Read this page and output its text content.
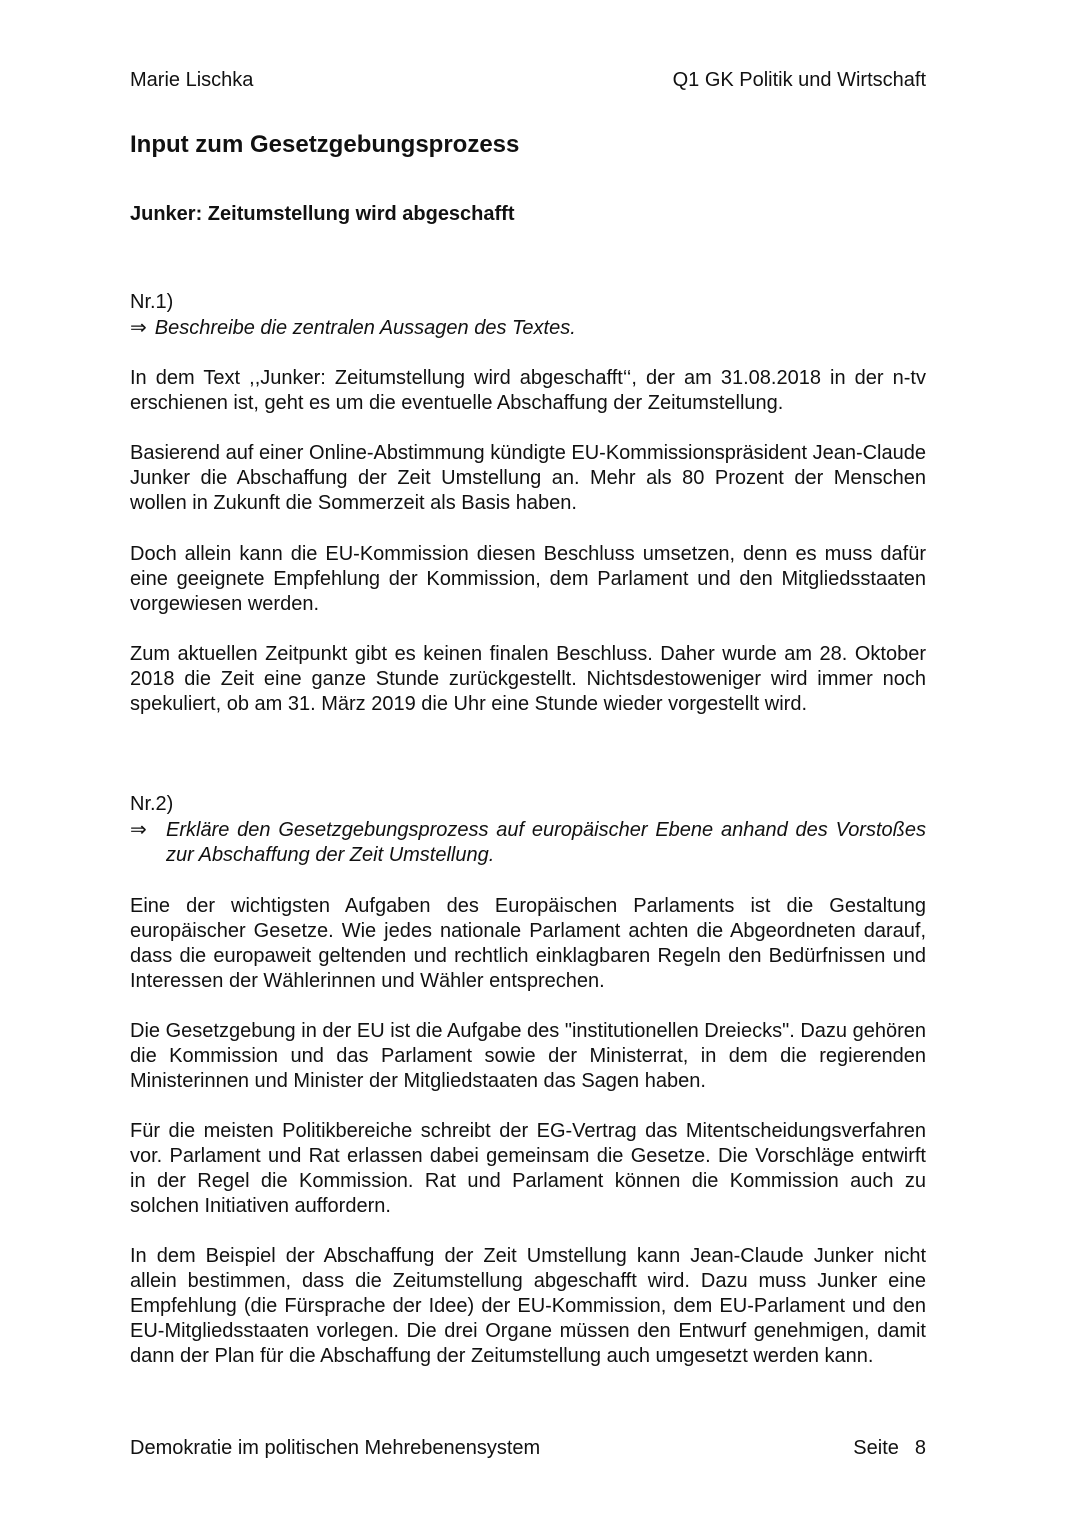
Marie Lischka	Q1 GK Politik und Wirtschaft
Input zum Gesetzgebungsprozess
Junker: Zeitumstellung wird abgeschafft
Nr.1)
⇒ Beschreibe die zentralen Aussagen des Textes.
In dem Text ,,Junker: Zeitumstellung wird abgeschafft‘‘, der am 31.08.2018 in der n-tv erschienen ist, geht es um die eventuelle Abschaffung der Zeitumstellung.
Basierend auf einer Online-Abstimmung kündigte EU-Kommissionspräsident Jean-Claude Junker die Abschaffung der Zeit Umstellung an. Mehr als 80 Prozent der Menschen wollen in Zukunft die Sommerzeit als Basis haben.
Doch allein kann die EU-Kommission diesen Beschluss umsetzen, denn es muss dafür eine geeignete Empfehlung der Kommission, dem Parlament und den Mitgliedsstaaten vorgewiesen werden.
Zum aktuellen Zeitpunkt gibt es keinen finalen Beschluss. Daher wurde am 28. Oktober 2018 die Zeit eine ganze Stunde zurückgestellt. Nichtsdestoweniger wird immer noch spekuliert, ob am 31. März 2019 die Uhr eine Stunde wieder vorgestellt wird.
Nr.2)
⇒ Erkläre den Gesetzgebungsprozess auf europäischer Ebene anhand des Vorstoßes zur Abschaffung der Zeit Umstellung.
Eine der wichtigsten Aufgaben des Europäischen Parlaments ist die Gestaltung europäischer Gesetze. Wie jedes nationale Parlament achten die Abgeordneten darauf, dass die europaweit geltenden und rechtlich einklagbaren Regeln den Bedürfnissen und Interessen der Wählerinnen und Wähler entsprechen.
Die Gesetzgebung in der EU ist die Aufgabe des "institutionellen Dreiecks". Dazu gehören die Kommission und das Parlament sowie der Ministerrat, in dem die regierenden Ministerinnen und Minister der Mitgliedstaaten das Sagen haben.
Für die meisten Politikbereiche schreibt der EG-Vertrag das Mitentscheidungsverfahren vor. Parlament und Rat erlassen dabei gemeinsam die Gesetze. Die Vorschläge entwirft in der Regel die Kommission. Rat und Parlament können die Kommission auch zu solchen Initiativen auffordern.
In dem Beispiel der Abschaffung der Zeit Umstellung kann Jean-Claude Junker nicht allein bestimmen, dass die Zeitumstellung abgeschafft wird. Dazu muss Junker eine Empfehlung (die Fürsprache der Idee) der EU-Kommission, dem EU-Parlament und den EU-Mitgliedsstaaten vorlegen. Die drei Organe müssen den Entwurf genehmigen, damit dann der Plan für die Abschaffung der Zeitumstellung auch umgesetzt werden kann.
Demokratie im politischen Mehrebenensystem	Seite 8
